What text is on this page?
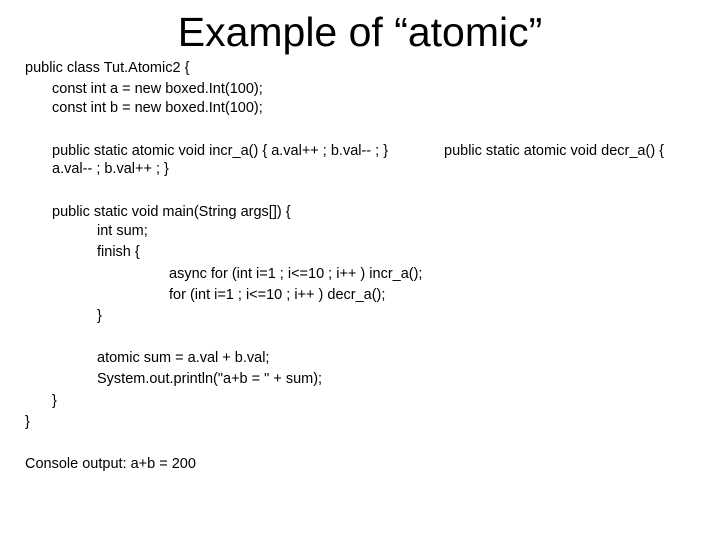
Example of “atomic”
public class Tut.Atomic2 {
const int a = new boxed.Int(100);
const int b = new boxed.Int(100);
public static atomic void incr_a() { a.val++ ; b.val-- ; }	public static atomic void decr_a() {
a.val-- ; b.val++ ; }
public static void main(String args[]) {
int sum;
finish {
async for (int i=1 ; i<=10 ; i++ ) incr_a();
for (int i=1 ; i<=10 ; i++ ) decr_a();
}
atomic sum = a.val + b.val;
System.out.println("a+b = " + sum);
}
}
Console output: a+b = 200
